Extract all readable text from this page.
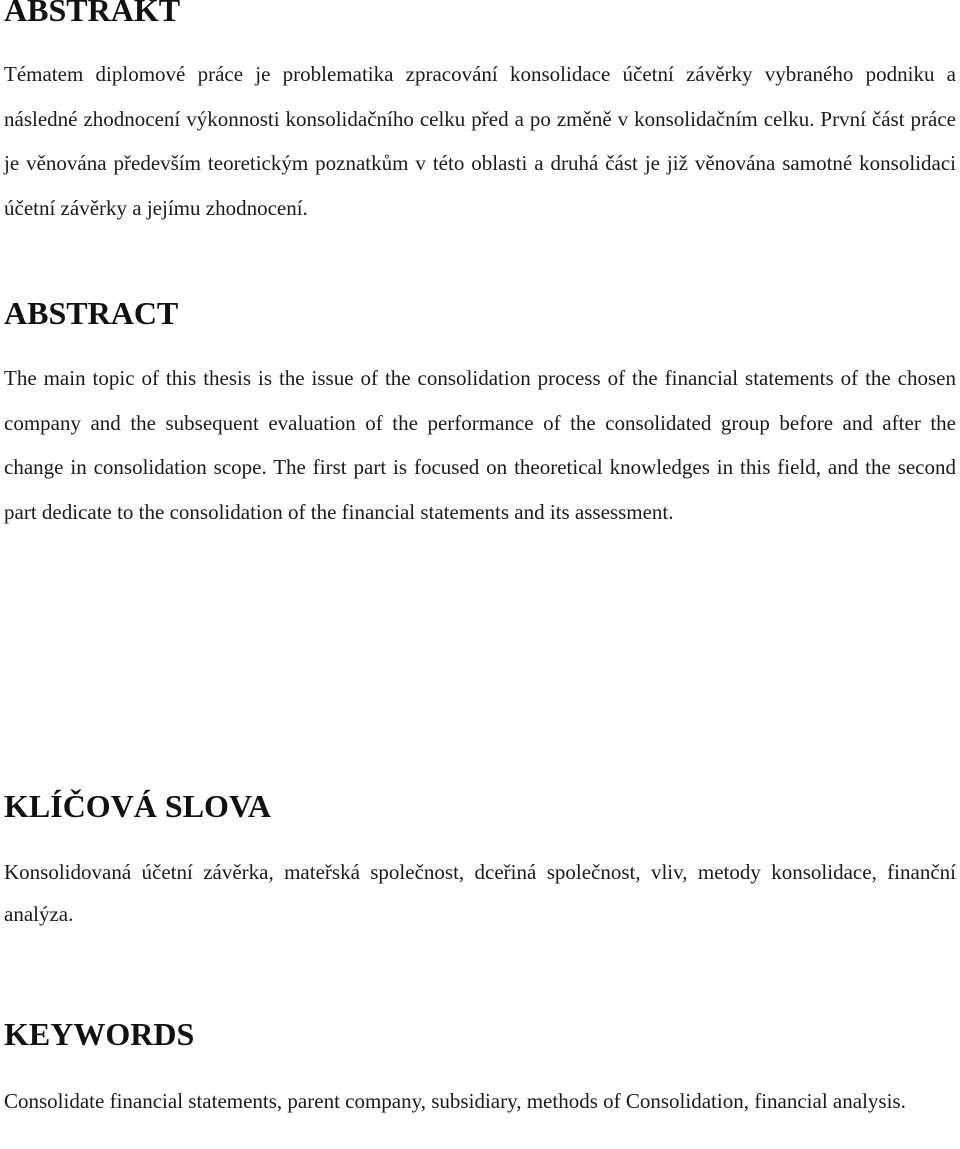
ABSTRAKT

Tématem diplomové práce je problematika zpracování konsolidace účetní závěrky vybraného podniku a následné zhodnocení výkonnosti konsolidačního celku před a po změně v konsolidačním celku. První část práce je věnována především teoretickým poznatkům v této oblasti a druhá část je již věnována samotné konsolidaci účetní závěrky a jejímu zhodnocení.

ABSTRACT

The main topic of this thesis is the issue of the consolidation process of the financial statements of the chosen company and the subsequent evaluation of the performance of the consolidated group before and after the change in consolidation scope. The first part is focused on theoretical knowledges in this field, and the second part dedicate to the consolidation of the financial statements and its assessment.

KLÍČOVÁ SLOVA

Konsolidovaná účetní závěrka, mateřská společnost, dceřiná společnost, vliv, metody konsolidace, finanční analýza.

KEYWORDS

Consolidate financial statements, parent company, subsidiary, methods of Consolidation, financial analysis.
